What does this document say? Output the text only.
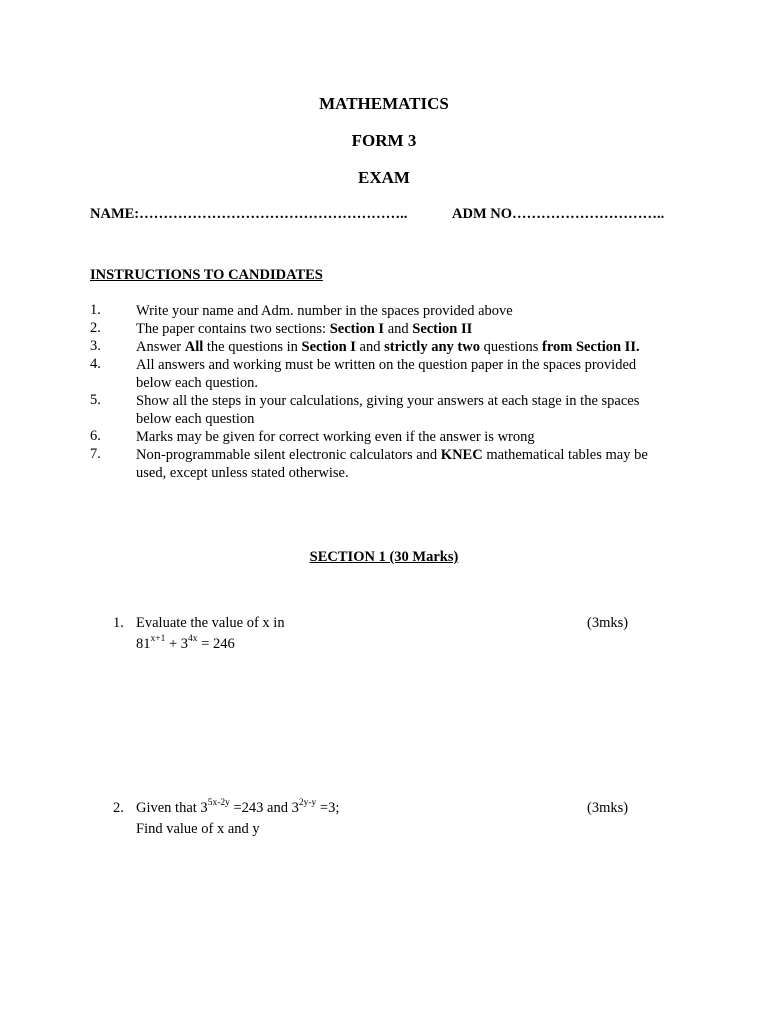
MATHEMATICS
FORM 3
EXAM
NAME:………………………………………………..	ADM NO…………………………..
INSTRUCTIONS TO CANDIDATES
1. Write your name and Adm. number in the spaces provided above
2. The paper contains two sections: Section I and Section II
3. Answer All the questions in Section I and strictly any two questions from Section II.
4. All answers and working must be written on the question paper in the spaces provided
below each question.
5. Show all the steps in your calculations, giving your answers at each stage in the spaces
below each question
6. Marks may be given for correct working even if the answer is wrong
7. Non-programmable silent electronic calculators and KNEC mathematical tables may be
used, except unless stated otherwise.
SECTION 1 (30 Marks)
1. Evaluate the value of x in	(3mks)
$81^{x+1} + 3^{4x} = 246$
2. Given that $3^{5x-2y} =243$ and $3^{2y-y} =3$;	(3mks)
Find value of x and y
